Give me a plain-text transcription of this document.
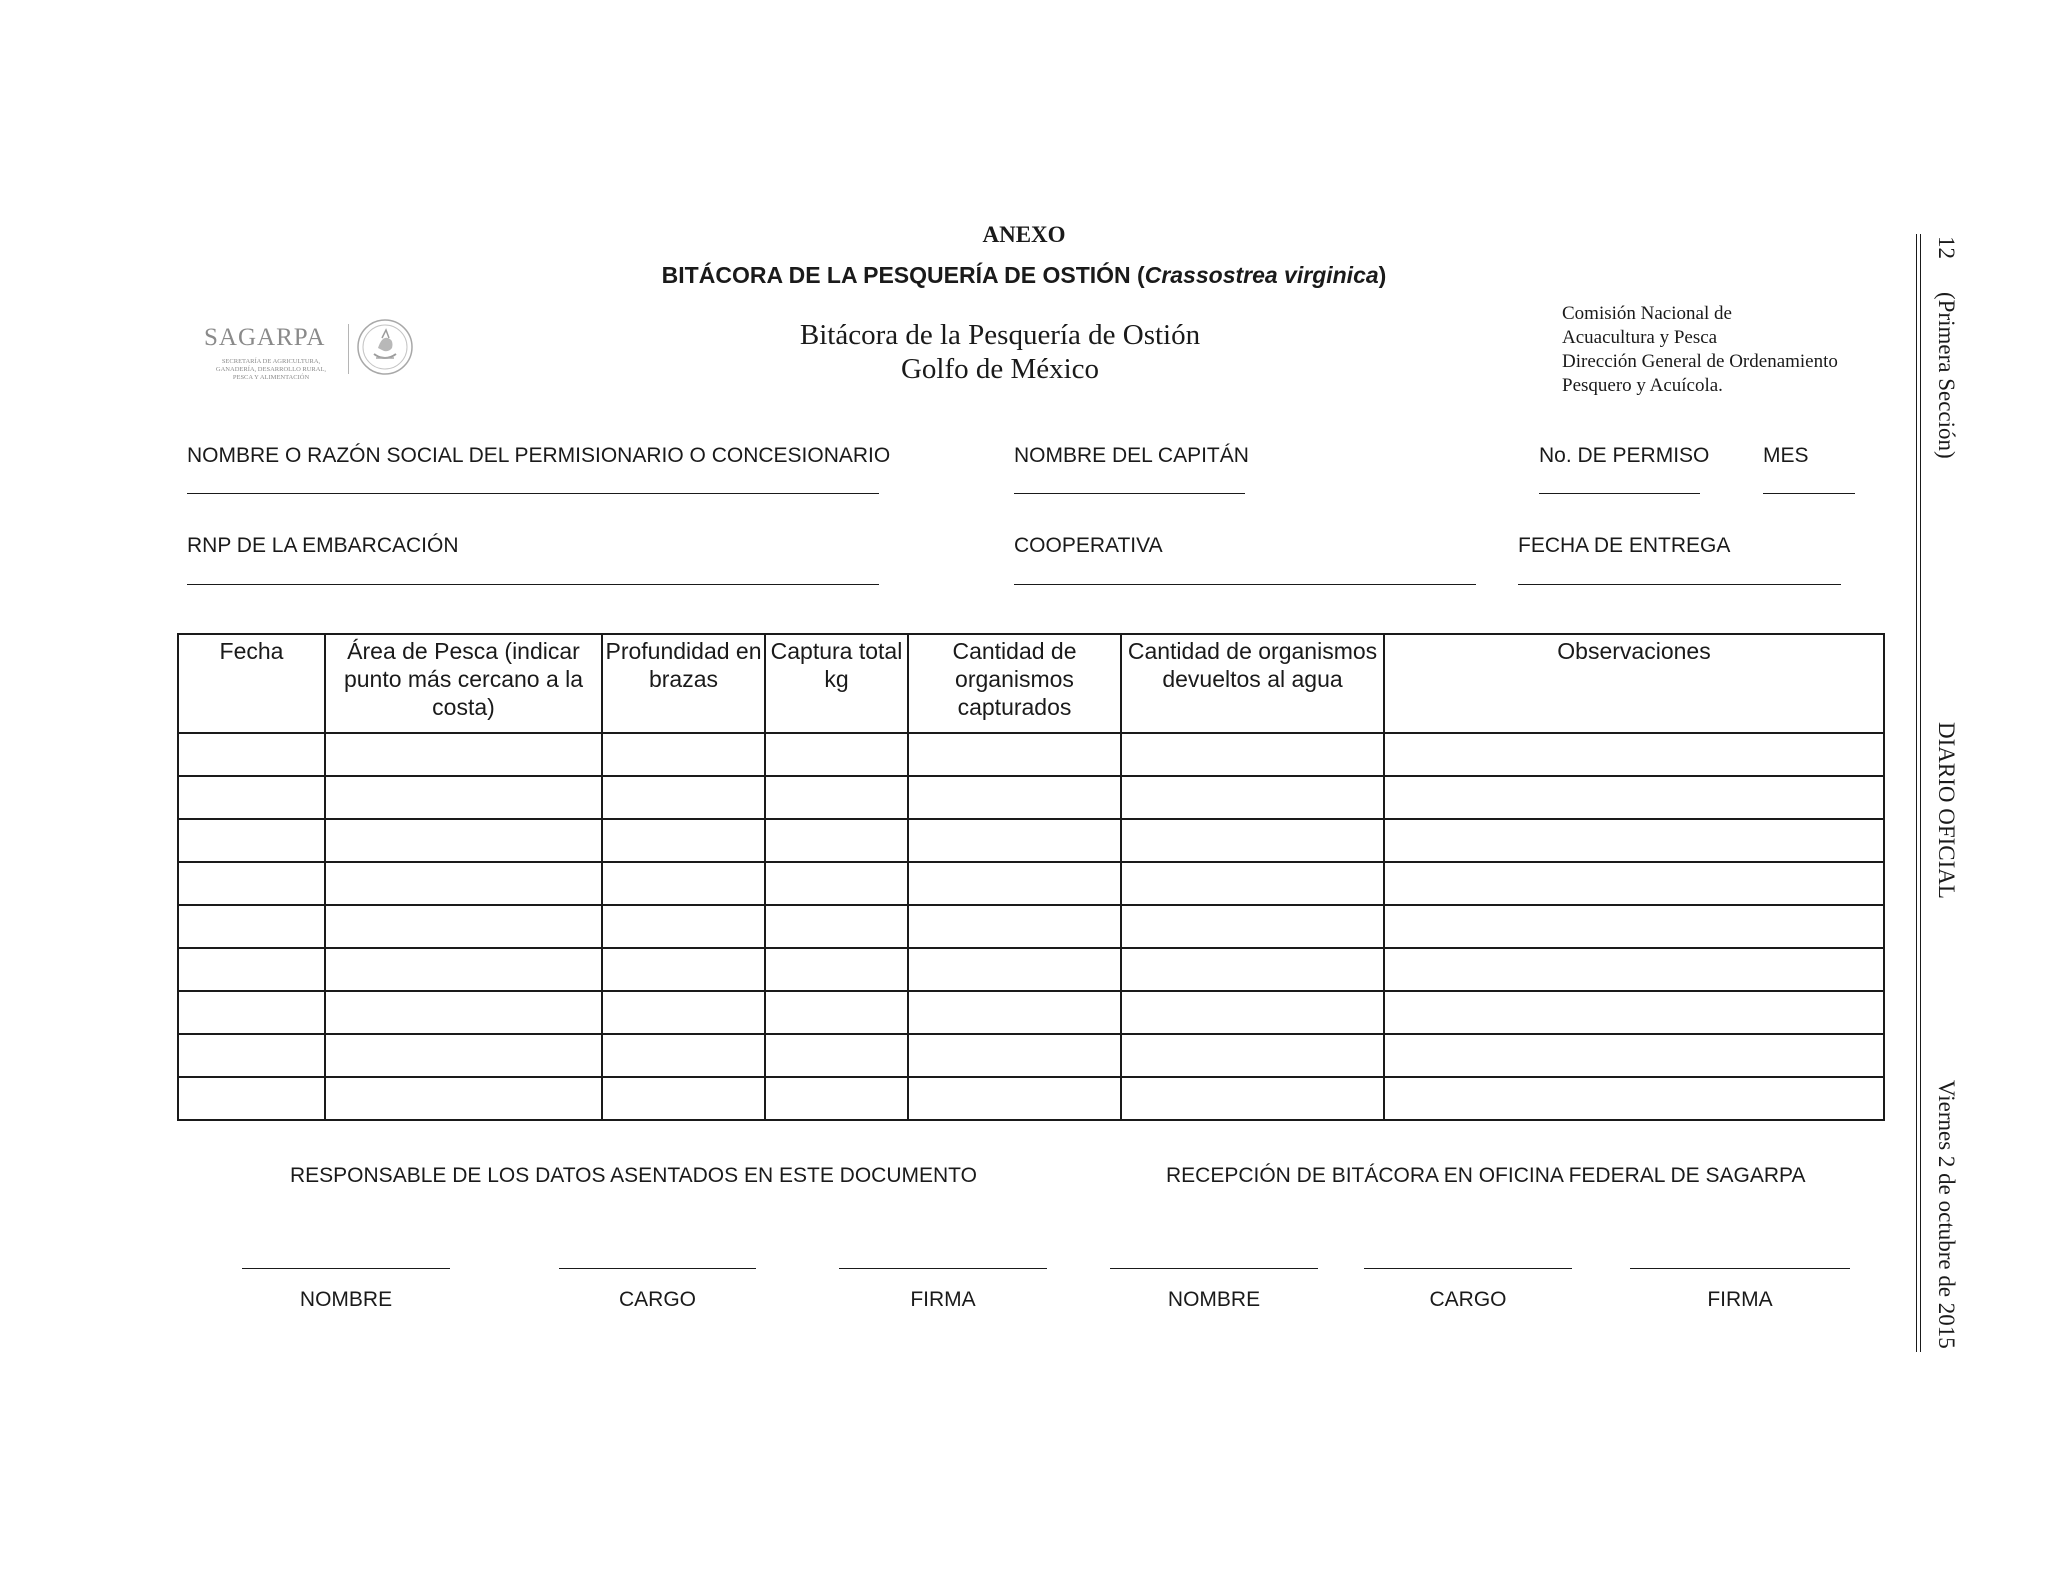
ANEXO
BITÁCORA DE LA PESQUERÍA DE OSTIÓN (Crassostrea virginica)
SAGARPA
SECRETARÍA DE AGRICULTURA, GANADERÍA, DESARROLLO RURAL, PESCA Y ALIMENTACIÓN
Bitácora de la Pesquería de Ostión
Golfo de México
Comisión Nacional de
Acuacultura y Pesca
Dirección General de Ordenamiento
Pesquero y Acuícola.
NOMBRE O RAZÓN SOCIAL DEL PERMISIONARIO O CONCESIONARIO	NOMBRE DEL CAPITÁN	No. DE PERMISO	MES
RNP DE LA EMBARCACIÓN	COOPERATIVA	FECHA DE ENTREGA
Fecha	Área de Pesca (indicar punto más cercano a la costa)	Profundidad en brazas	Captura total kg	Cantidad de organismos capturados	Cantidad de organismos devueltos al agua	Observaciones

RESPONSABLE DE LOS DATOS ASENTADOS EN ESTE DOCUMENTO	RECEPCIÓN DE BITÁCORA EN OFICINA FEDERAL DE SAGARPA
NOMBRE	CARGO	FIRMA	NOMBRE	CARGO	FIRMA
12
(Primera Sección)
DIARIO OFICIAL
Viernes 2 de octubre de 2015
